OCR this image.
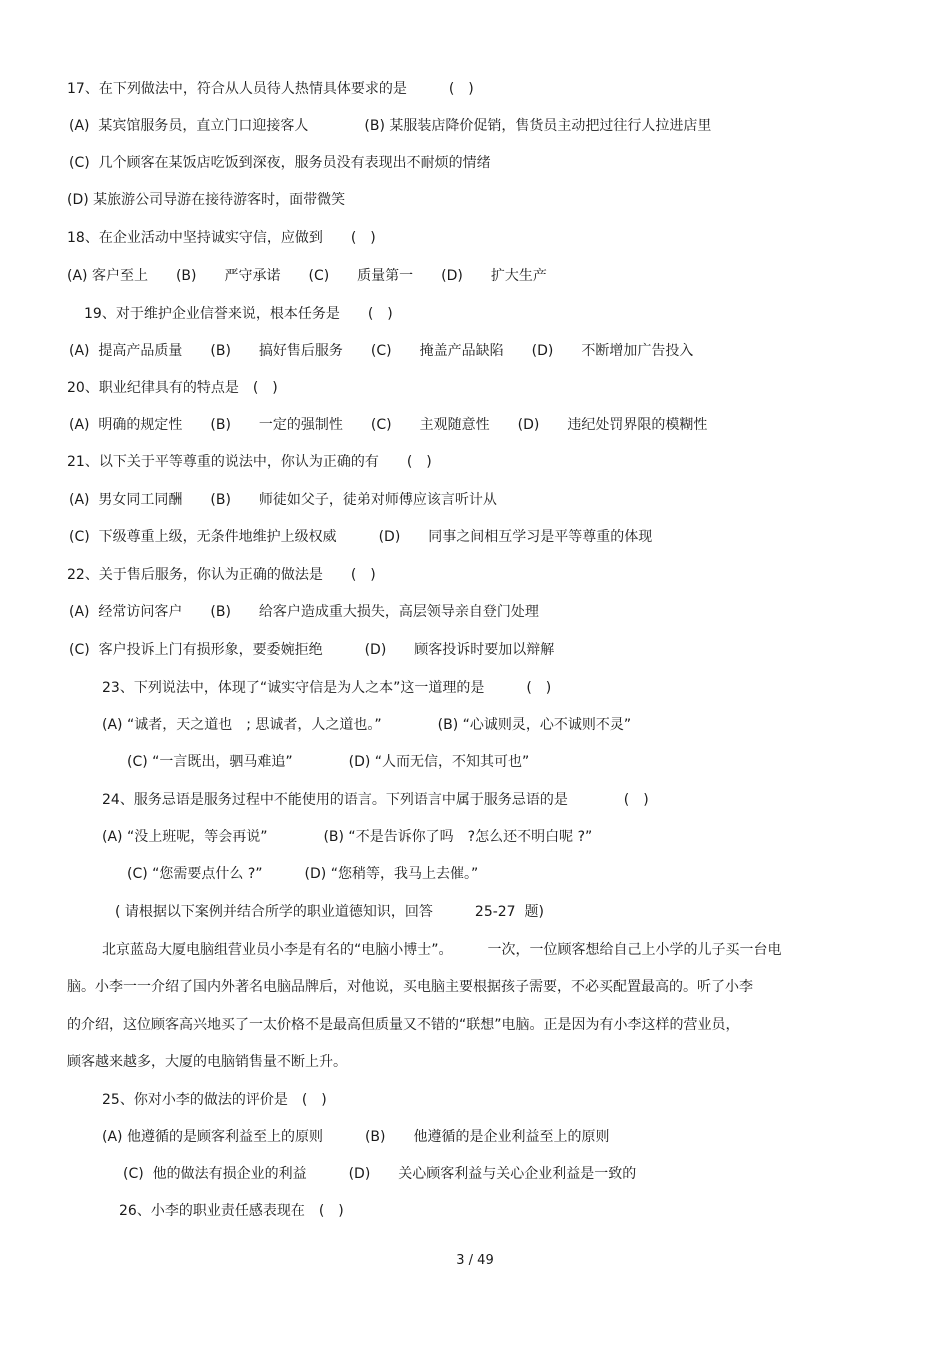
17、在下列做法中，符合从人员待人热情具体要求的是　　　(　)
(A)  某宾馆服务员，直立门口迎接客人　　　　(B) 某服装店降价促销，售货员主动把过往行人拉进店里
(C)  几个顾客在某饭店吃饭到深夜，服务员没有表现出不耐烦的情绪
(D) 某旅游公司导游在接待游客时，面带微笑
18、在企业活动中坚持诚实守信，应做到　　(　)
(A) 客户至上　　(B)　　严守承诺　　(C)　　质量第一　　(D)　　扩大生产
19、对于维护企业信誉来说，根本任务是　　(　)
(A)  提高产品质量　　(B)　　搞好售后服务　　(C)　　掩盖产品缺陷　　(D)　　不断增加广告投入
20、职业纪律具有的特点是　(　)
(A)  明确的规定性　　(B)　　一定的强制性　　(C)　　主观随意性　　(D)　　违纪处罚界限的模糊性
21、以下关于平等尊重的说法中，你认为正确的有　　(　)
(A)  男女同工同酬　　(B)　　师徒如父子，徒弟对师傅应该言听计从
(C)  下级尊重上级，无条件地维护上级权威　　　(D)　　同事之间相互学习是平等尊重的体现
22、关于售后服务，你认为正确的做法是　　(　)
(A)  经常访问客户　　(B)　　给客户造成重大损失，高层领导亲自登门处理
(C)  客户投诉上门有损形象，要委婉拒绝　　　(D)　　顾客投诉时要加以辩解
23、下列说法中，体现了“诚实守信是为人之本”这一道理的是　　　(　)
(A) “诚者，天之道也　; 思诚者，人之道也。”　　　　(B) “心诚则灵，心不诚则不灵”
(C) “一言既出，驷马难追”　　　　(D) “人而无信，不知其可也”
24、服务忌语是服务过程中不能使用的语言。下列语言中属于服务忌语的是　　　　(　)
(A) “没上班呢，等会再说”　　　　(B) “不是告诉你了吗　?怎么还不明白呢 ?”
(C) “您需要点什么 ?”　　　(D) “您稍等，我马上去催。”
( 请根据以下案例并结合所学的职业道德知识，回答　　　25-27  题)
北京蓝岛大厦电脑组营业员小李是有名的“电脑小博士”。　　　一次，一位顾客想给自己上小学的儿子买一台电
脑。小李一一介绍了国内外著名电脑品牌后，对他说，买电脑主要根据孩子需要，不必买配置最高的。听了小李
的介绍，这位顾客高兴地买了一太价格不是最高但质量又不错的“联想”电脑。正是因为有小李这样的营业员，
顾客越来越多，大厦的电脑销售量不断上升。
25、你对小李的做法的评价是　(　)
(A) 他遵循的是顾客利益至上的原则　　　(B)　　他遵循的是企业利益至上的原则
(C)  他的做法有损企业的利益　　　(D)　　关心顾客利益与关心企业利益是一致的
26、小李的职业责任感表现在　(　)
3 / 49
